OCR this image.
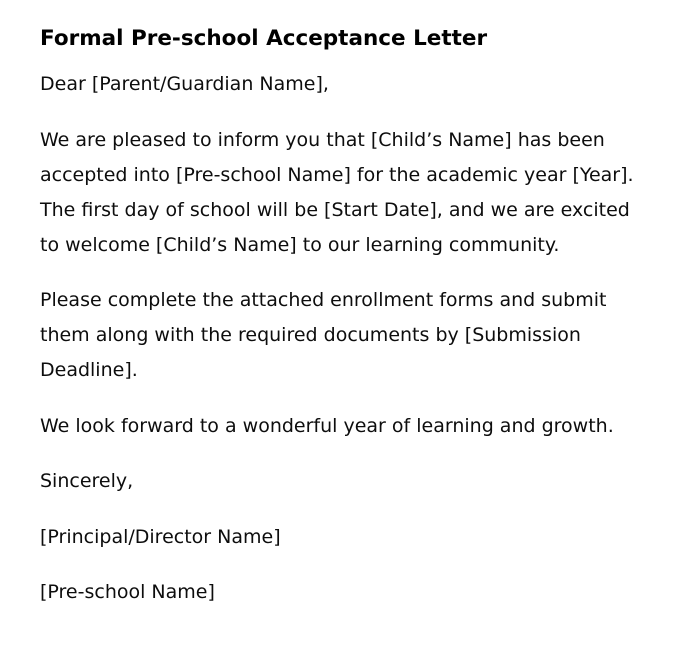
Formal Pre-school Acceptance Letter

Dear [Parent/Guardian Name],

We are pleased to inform you that [Child’s Name] has been accepted into [Pre-school Name] for the academic year [Year]. The first day of school will be [Start Date], and we are excited to welcome [Child’s Name] to our learning community.

Please complete the attached enrollment forms and submit them along with the required documents by [Submission Deadline].

We look forward to a wonderful year of learning and growth.

Sincerely,

[Principal/Director Name]

[Pre-school Name]
